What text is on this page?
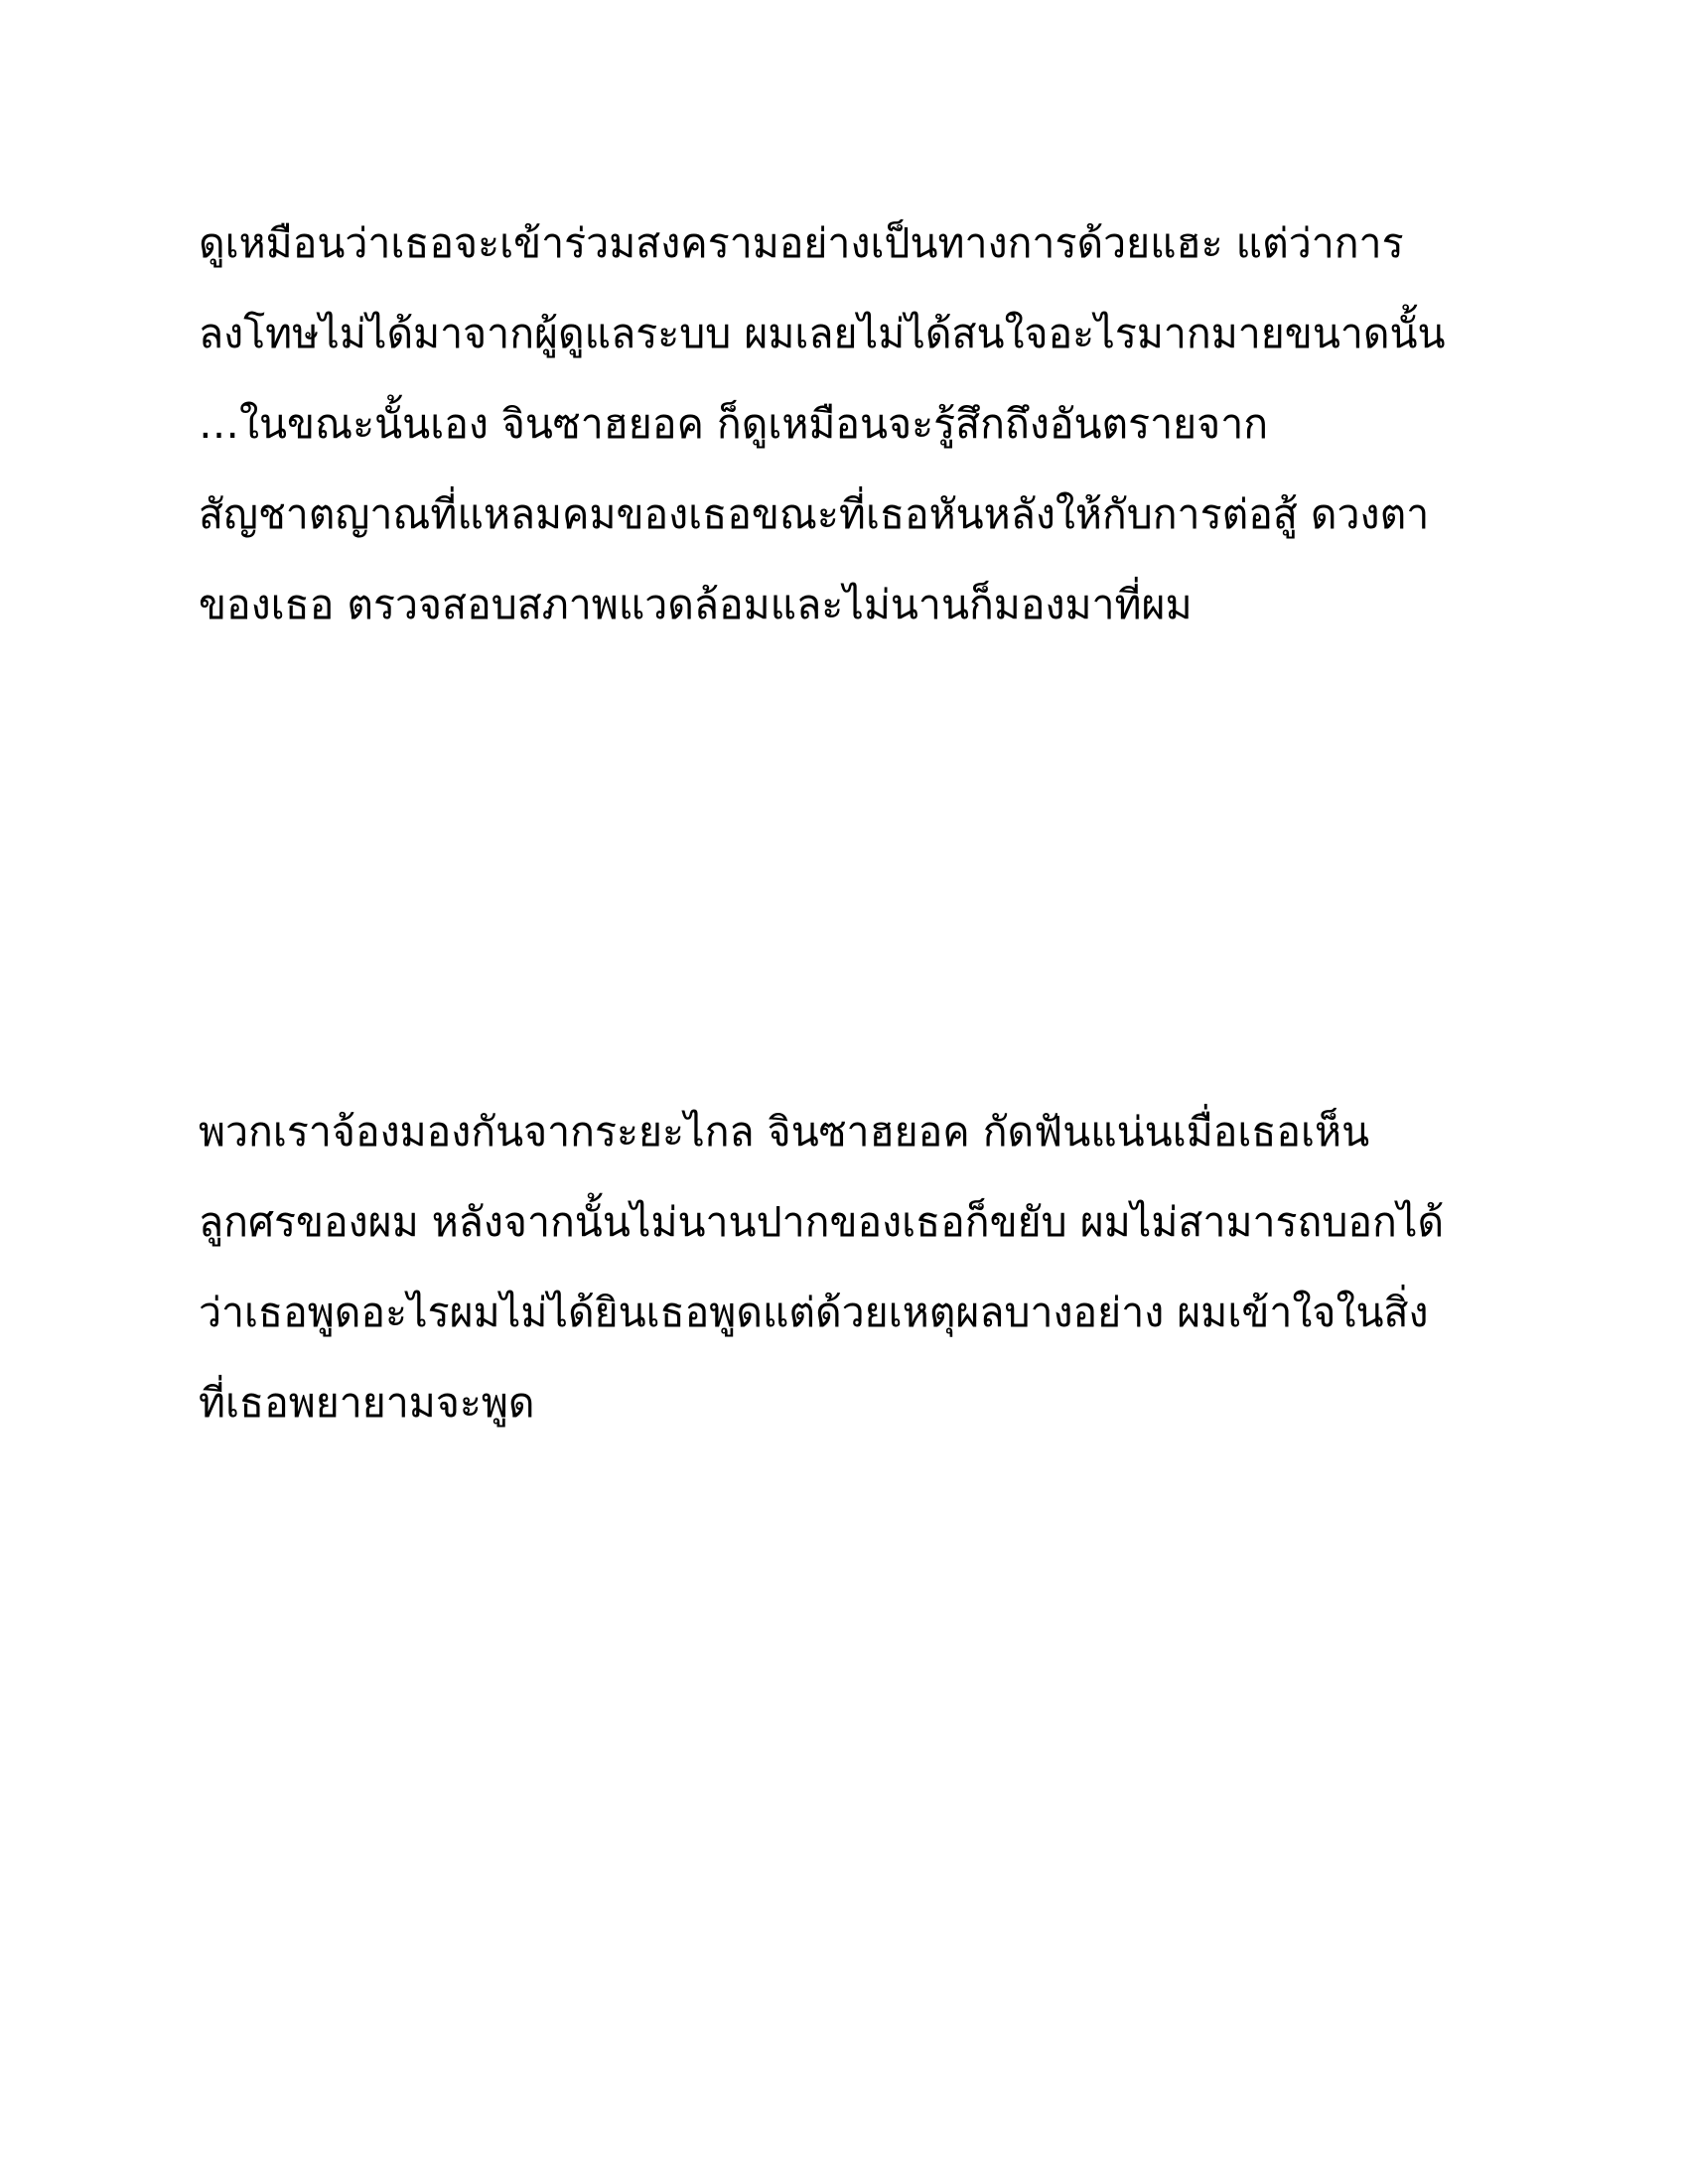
ดูเหมือนว่าเธอจะเข้าร่วมสงครามอย่างเป็นทางการด้วยแฮะ แต่ว่าการ
ลงโทษไม่ได้มาจากผู้ดูแลระบบ ผมเลยไม่ได้สนใจอะไรมากมายขนาดนั้น
…ในขณะนั้นเอง จินซาฮยอค ก็ดูเหมือนจะรู้สึกถึงอันตรายจาก
สัญชาตญาณที่แหลมคมของเธอขณะที่เธอหันหลังให้กับการต่อสู้ ดวงตา
ของเธอ ตรวจสอบสภาพแวดล้อมและไม่นานก็มองมาที่ผม
พวกเราจ้องมองกันจากระยะไกล จินซาฮยอค กัดฟันแน่นเมื่อเธอเห็น
ลูกศรของผม หลังจากนั้นไม่นานปากของเธอก็ขยับ ผมไม่สามารถบอกได้
ว่าเธอพูดอะไรผมไม่ได้ยินเธอพูดแต่ด้วยเหตุผลบางอย่าง ผมเข้าใจในสิ่ง
ที่เธอพยายามจะพูด
